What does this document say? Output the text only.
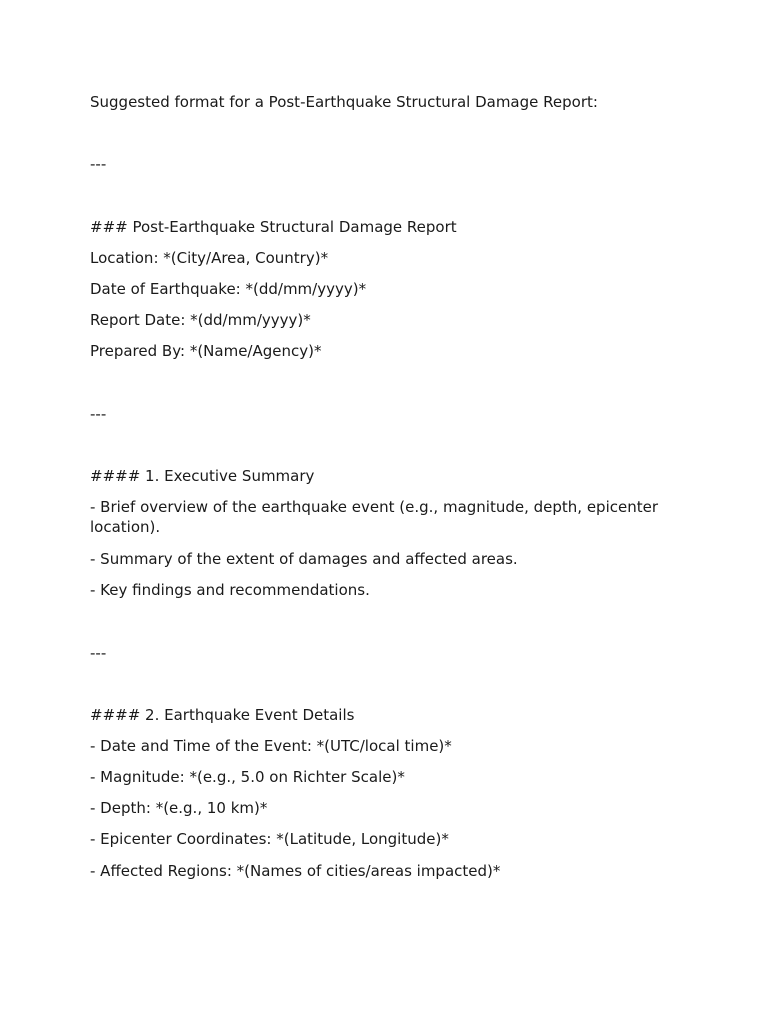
Suggested format for a Post-Earthquake Structural Damage Report:

---

### Post-Earthquake Structural Damage Report

Location: *(City/Area, Country)*

Date of Earthquake: *(dd/mm/yyyy)*

Report Date: *(dd/mm/yyyy)*

Prepared By: *(Name/Agency)*

---

#### 1. Executive Summary

- Brief overview of the earthquake event (e.g., magnitude, depth, epicenter location).

- Summary of the extent of damages and affected areas.

- Key findings and recommendations.

---

#### 2. Earthquake Event Details

- Date and Time of the Event: *(UTC/local time)*

- Magnitude: *(e.g., 5.0 on Richter Scale)*

- Depth: *(e.g., 10 km)*

- Epicenter Coordinates: *(Latitude, Longitude)*

- Affected Regions: *(Names of cities/areas impacted)*
